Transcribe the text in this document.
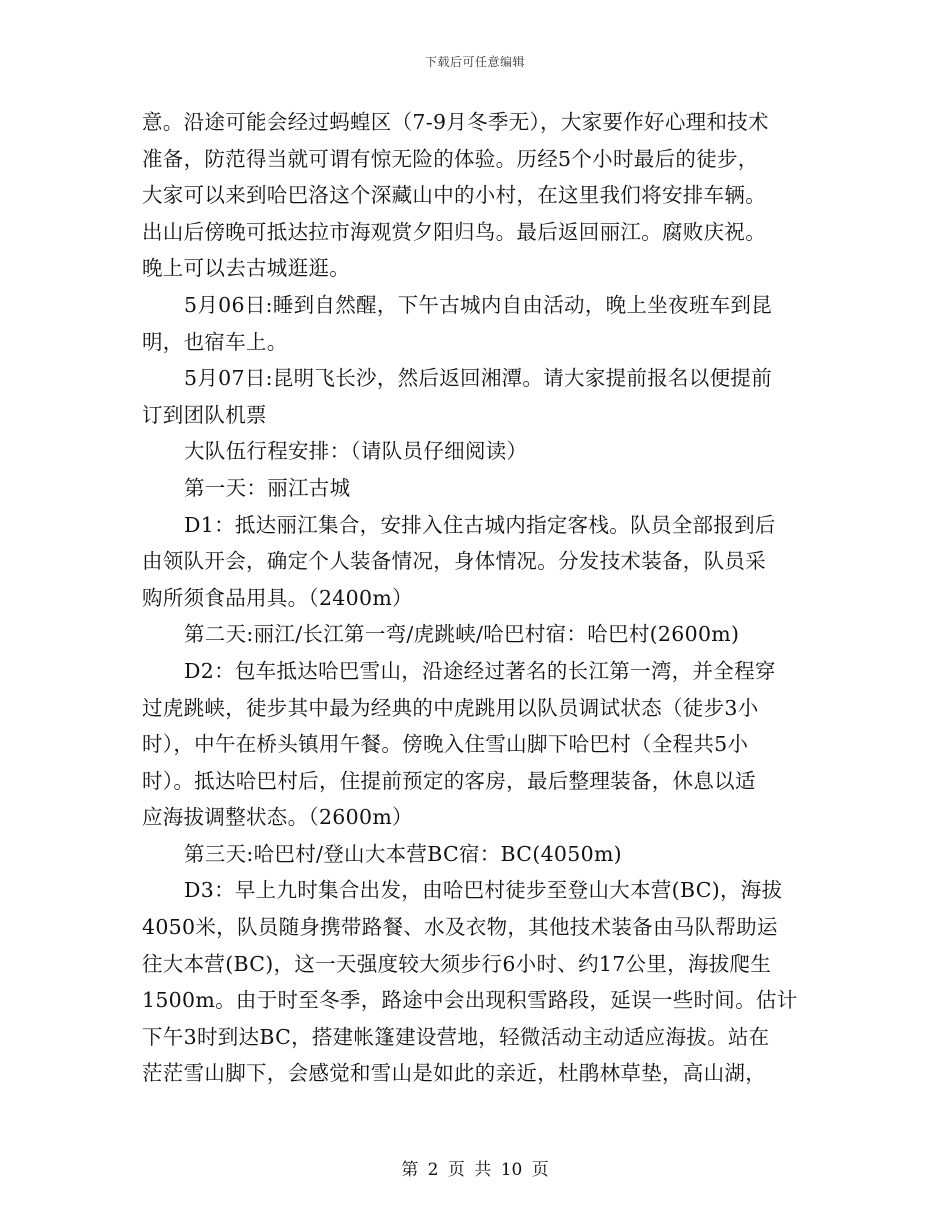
下载后可任意编辑
意。沿途可能会经过蚂蝗区（7-9月冬季无），大家要作好心理和技术
准备，防范得当就可谓有惊无险的体验。历经5个小时最后的徒步，
大家可以来到哈巴洛这个深藏山中的小村，在这里我们将安排车辆。
出山后傍晚可抵达拉市海观赏夕阳归鸟。最后返回丽江。腐败庆祝。
晚上可以去古城逛逛。
5月06日:睡到自然醒，下午古城内自由活动，晚上坐夜班车到昆
明，也宿车上。
5月07日:昆明飞长沙，然后返回湘潭。请大家提前报名以便提前
订到团队机票
大队伍行程安排：（请队员仔细阅读）
第一天：丽江古城
D1：抵达丽江集合，安排入住古城内指定客栈。队员全部报到后
由领队开会，确定个人装备情况，身体情况。分发技术装备，队员采
购所须食品用具。（2400m）
第二天:丽江/长江第一弯/虎跳峡/哈巴村宿：哈巴村(2600m)
D2：包车抵达哈巴雪山，沿途经过著名的长江第一湾，并全程穿
过虎跳峡，徒步其中最为经典的中虎跳用以队员调试状态（徒步3小
时），中午在桥头镇用午餐。傍晚入住雪山脚下哈巴村（全程共5小
时）。抵达哈巴村后，住提前预定的客房，最后整理装备，休息以适
应海拔调整状态。（2600m）
第三天:哈巴村/登山大本营BC宿：BC(4050m)
D3：早上九时集合出发，由哈巴村徒步至登山大本营(BC)，海拔
4050米，队员随身携带路餐、水及衣物，其他技术装备由马队帮助运
往大本营(BC)，这一天强度较大须步行6小时、约17公里，海拔爬生
1500m。由于时至冬季，路途中会出现积雪路段，延误一些时间。估计
下午3时到达BC，搭建帐篷建设营地，轻微活动主动适应海拔。站在
茫茫雪山脚下，会感觉和雪山是如此的亲近，杜鹃林草垫，高山湖，
第 2 页 共 10 页
